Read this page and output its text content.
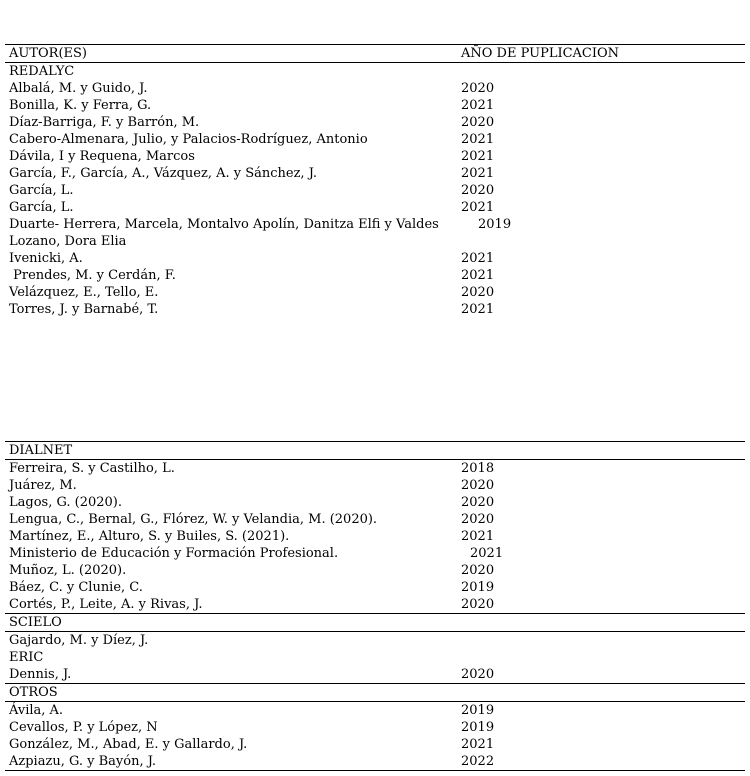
AUTOR(ES)	AÑO DE PUPLICACION
REDALYC
Albalá, M. y Guido, J.	2020
Bonilla, K. y Ferra, G.	2021
Díaz-Barriga, F. y Barrón, M.	2020
Cabero-Almenara, Julio, y Palacios-Rodríguez, Antonio	2021
Dávila, I y Requena, Marcos	2021
García, F., García, A., Vázquez, A. y Sánchez, J.	2021
García, L.	2020
García, L.	2021
Duarte- Herrera, Marcela, Montalvo Apolín, Danitza Elfi y Valdes	2019
Lozano, Dora Elia
Ivenicki, A.	2021
Prendes, M. y Cerdán, F.	2021
Velázquez, E., Tello, E.	2020
Torres, J. y Barnabé, T.	2021
DIALNET
Ferreira, S. y Castilho, L.	2018
Juárez, M.	2020
Lagos, G. (2020).	2020
Lengua, C., Bernal, G., Flórez, W. y Velandia, M. (2020).	2020
Martínez, E., Alturo, S. y Builes, S. (2021).	2021
Ministerio de Educación y Formación Profesional.	2021
Muñoz, L. (2020).	2020
Báez, C. y Clunie, C.	2019
Cortés, P., Leite, A. y Rivas, J.	2020
SCIELO
Gajardo, M. y Díez, J.
ERIC
Dennis, J.	2020
OTROS
Ávila, A.	2019
Cevallos, P. y López, N	2019
González, M., Abad, E. y Gallardo, J.	2021
Azpiazu, G. y Bayón, J.	2022
